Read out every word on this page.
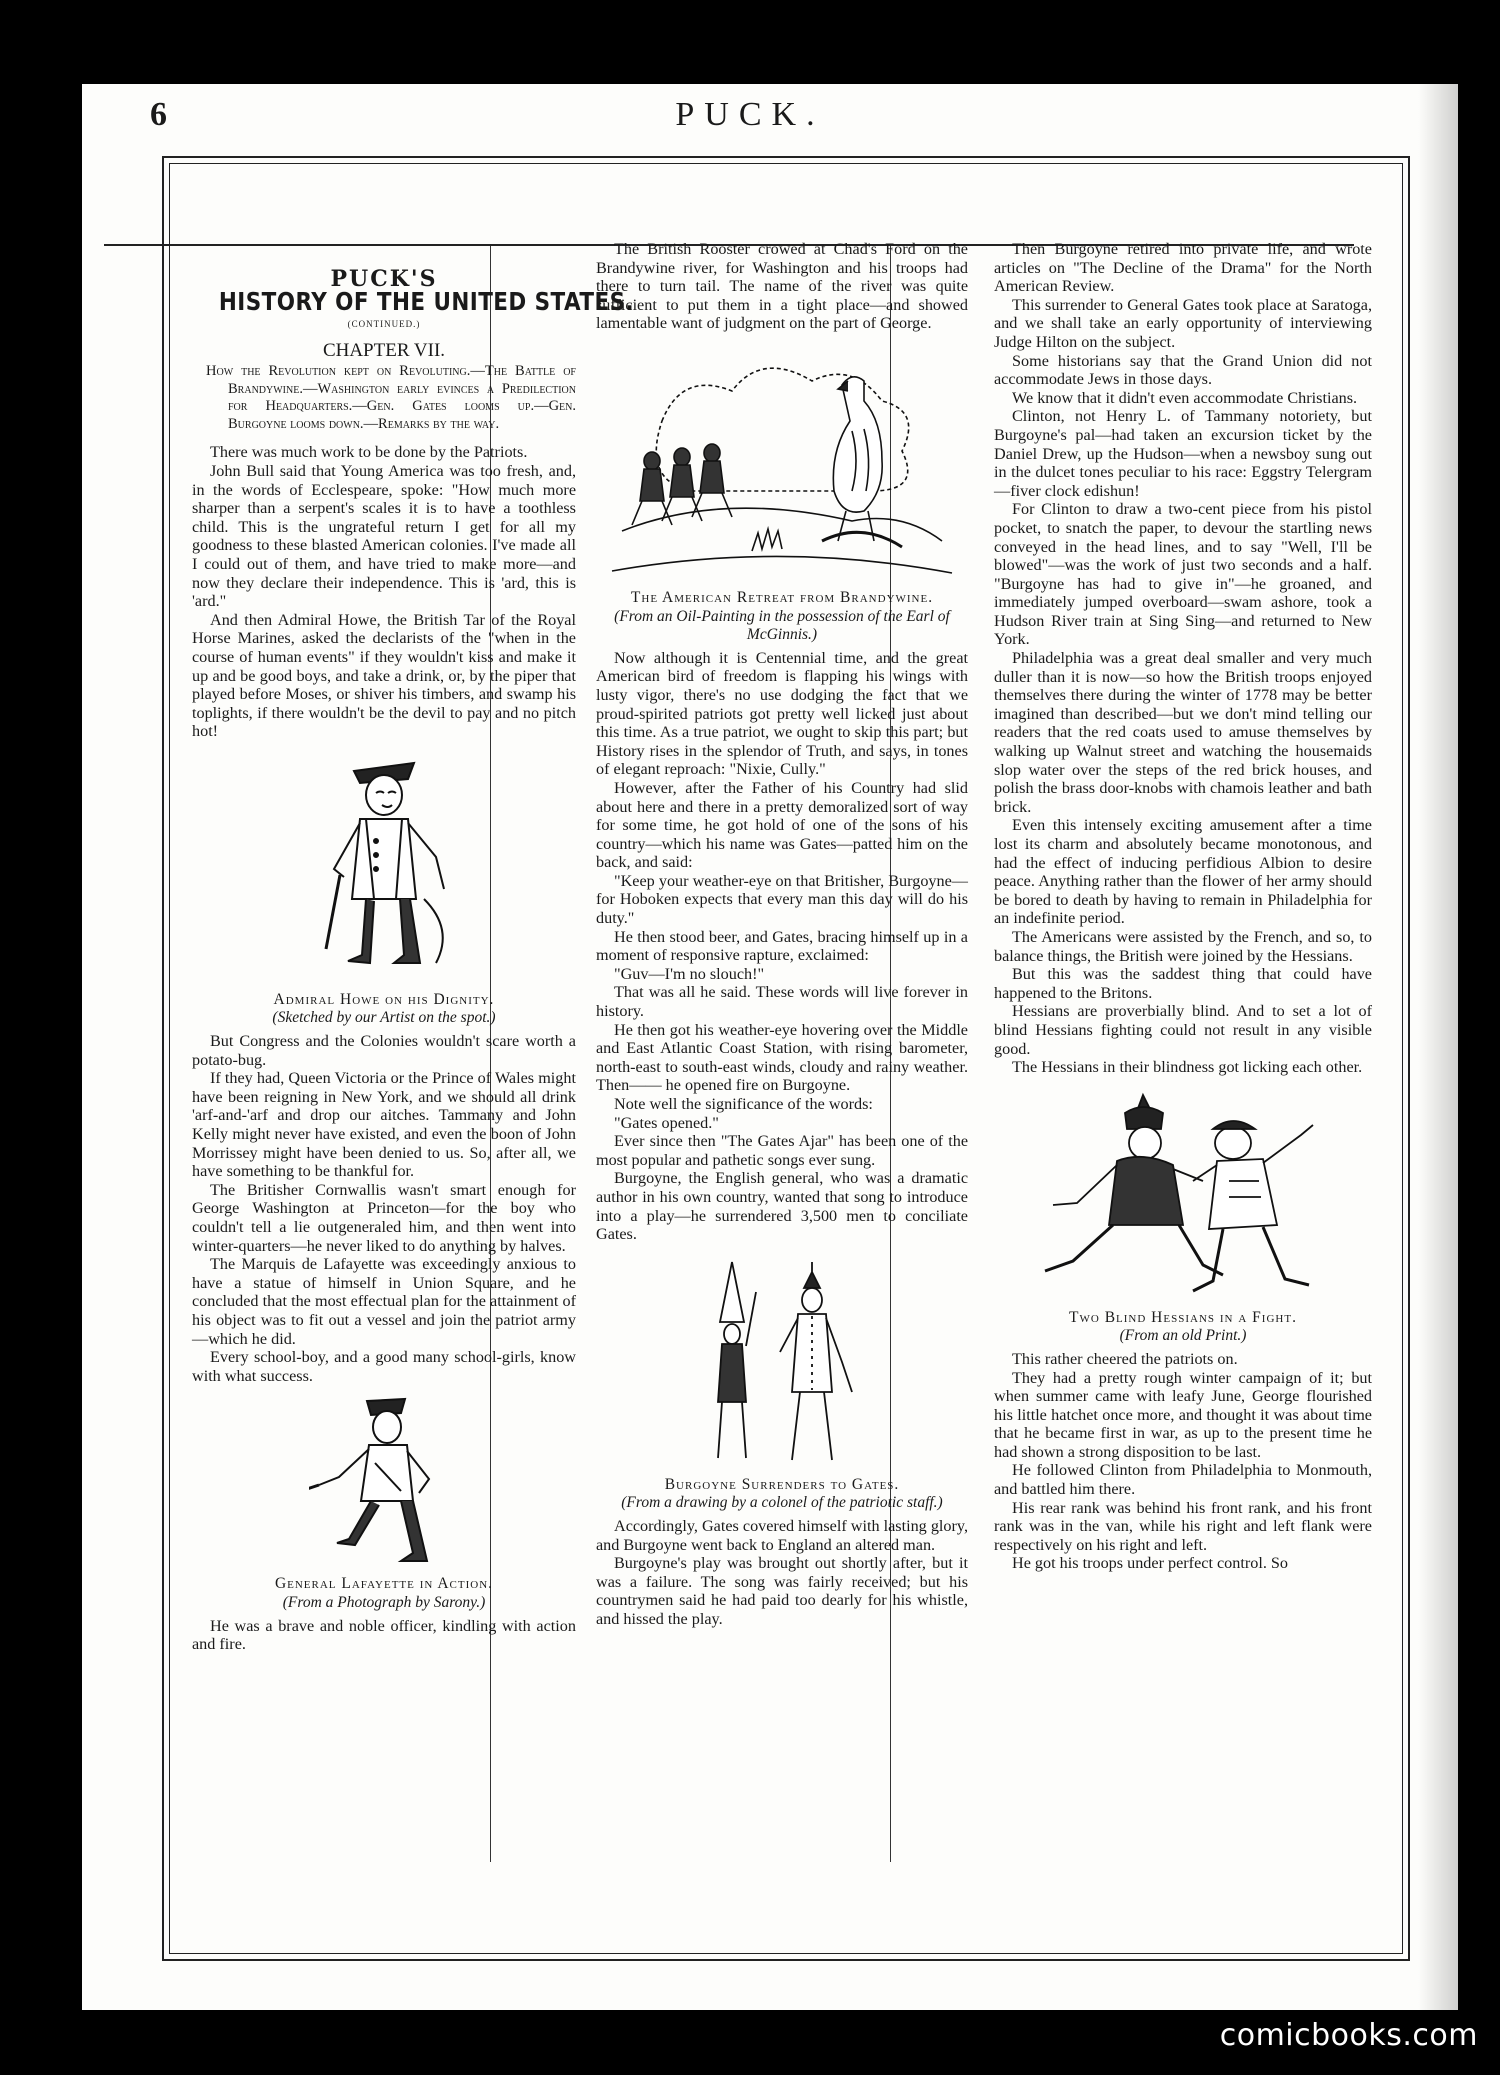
6	PUCK.
PUCK'S
HISTORY OF THE UNITED STATES.
(CONTINUED.)
CHAPTER VII.
How the Revolution kept on Revoluting.—The Battle of Brandywine.—Washington early evinces a Predilection for Headquarters.—Gen. Gates looms up.—Gen. Burgoyne looms down.—Remarks by the way.

There was much work to be done by the Patriots.

John Bull said that Young America was too fresh, and, in the words of Ecclespeare, spoke: "How much more sharper than a serpent's scales it is to have a toothless child. This is the ungrateful return I get for all my goodness to these blasted American colonies. I've made all I could out of them, and have tried to make more—and now they declare their independence. This is 'ard, this is 'ard."

And then Admiral Howe, the British Tar of the Royal Horse Marines, asked the declarists of the "when in the course of human events" if they wouldn't kiss and make it up and be good boys, and take a drink, or, by the piper that played before Moses, or shiver his timbers, and swamp his toplights, if there wouldn't be the devil to pay and no pitch hot!

Admiral Howe on his Dignity.

(Sketched by our Artist on the spot.)

But Congress and the Colonies wouldn't scare worth a potato-bug.

If they had, Queen Victoria or the Prince of Wales might have been reigning in New York, and we should all drink 'arf-and-'arf and drop our aitches. Tammany and John Kelly might never have existed, and even the boon of John Morrissey might have been denied to us. So, after all, we have something to be thankful for.

The Britisher Cornwallis wasn't smart enough for George Washington at Princeton—for the boy who couldn't tell a lie outgeneraled him, and then went into winter-quarters—he never liked to do anything by halves.

The Marquis de Lafayette was exceedingly anxious to have a statue of himself in Union Square, and he concluded that the most effectual plan for the attainment of his object was to fit out a vessel and join the patriot army—which he did.

Every school-boy, and a good many school-girls, know with what success.

General Lafayette in Action.

(From a Photograph by Sarony.)

He was a brave and noble officer, kindling with action and fire.

The British Rooster crowed at Chad's Ford on the Brandywine river, for Washington and his troops had there to turn tail. The name of the river was quite sufficient to put them in a tight place—and showed lamentable want of judgment on the part of George.

The American Retreat from Brandywine.

(From an Oil-Painting in the possession of the Earl of McGinnis.)

Now although it is Centennial time, and the great American bird of freedom is flapping his wings with lusty vigor, there's no use dodging the fact that we proud-spirited patriots got pretty well licked just about this time. As a true patriot, we ought to skip this part; but History rises in the splendor of Truth, and says, in tones of elegant reproach: "Nixie, Cully."

However, after the Father of his Country had slid about here and there in a pretty demoralized sort of way for some time, he got hold of one of the sons of his country—which his name was Gates—patted him on the back, and said:

"Keep your weather-eye on that Britisher, Burgoyne—for Hoboken expects that every man this day will do his duty."

He then stood beer, and Gates, bracing himself up in a moment of responsive rapture, exclaimed:

"Guv—I'm no slouch!"

That was all he said. These words will live forever in history.

He then got his weather-eye hovering over the Middle and East Atlantic Coast Station, with rising barometer, north-east to south-east winds, cloudy and rainy weather. Then—— he opened fire on Burgoyne.

Note well the significance of the words:

"Gates opened."

Ever since then "The Gates Ajar" has been one of the most popular and pathetic songs ever sung.

Burgoyne, the English general, who was a dramatic author in his own country, wanted that song to introduce into a play—he surrendered 3,500 men to conciliate Gates.

Burgoyne Surrenders to Gates.

(From a drawing by a colonel of the patriotic staff.)

Accordingly, Gates covered himself with lasting glory, and Burgoyne went back to England an altered man.

Burgoyne's play was brought out shortly after, but it was a failure. The song was fairly received; but his countrymen said he had paid too dearly for his whistle, and hissed the play.

Then Burgoyne retired into private life, and wrote articles on "The Decline of the Drama" for the North American Review.

This surrender to General Gates took place at Saratoga, and we shall take an early opportunity of interviewing Judge Hilton on the subject.

Some historians say that the Grand Union did not accommodate Jews in those days.

We know that it didn't even accommodate Christians.

Clinton, not Henry L. of Tammany notoriety, but Burgoyne's pal—had taken an excursion ticket by the Daniel Drew, up the Hudson—when a newsboy sung out in the dulcet tones peculiar to his race: Eggstry Telergram—fiver clock edishun!

For Clinton to draw a two-cent piece from his pistol pocket, to snatch the paper, to devour the startling news conveyed in the head lines, and to say "Well, I'll be blowed"—was the work of just two seconds and a half. "Burgoyne has had to give in"—he groaned, and immediately jumped overboard—swam ashore, took a Hudson River train at Sing Sing—and returned to New York.

Philadelphia was a great deal smaller and very much duller than it is now—so how the British troops enjoyed themselves there during the winter of 1778 may be better imagined than described—but we don't mind telling our readers that the red coats used to amuse themselves by walking up Walnut street and watching the housemaids slop water over the steps of the red brick houses, and polish the brass door-knobs with chamois leather and bath brick.

Even this intensely exciting amusement after a time lost its charm and absolutely became monotonous, and had the effect of inducing perfidious Albion to desire peace. Anything rather than the flower of her army should be bored to death by having to remain in Philadelphia for an indefinite period.

The Americans were assisted by the French, and so, to balance things, the British were joined by the Hessians.

But this was the saddest thing that could have happened to the Britons.

Hessians are proverbially blind. And to set a lot of blind Hessians fighting could not result in any visible good.

The Hessians in their blindness got licking each other.

Two Blind Hessians in a Fight.

(From an old Print.)

This rather cheered the patriots on.

They had a pretty rough winter campaign of it; but when summer came with leafy June, George flourished his little hatchet once more, and thought it was about time that he became first in war, as up to the present time he had shown a strong disposition to be last.

He followed Clinton from Philadelphia to Monmouth, and battled him there.

His rear rank was behind his front rank, and his front rank was in the van, while his right and left flank were respectively on his right and left.

He got his troops under perfect control. So

comicbooks.com
